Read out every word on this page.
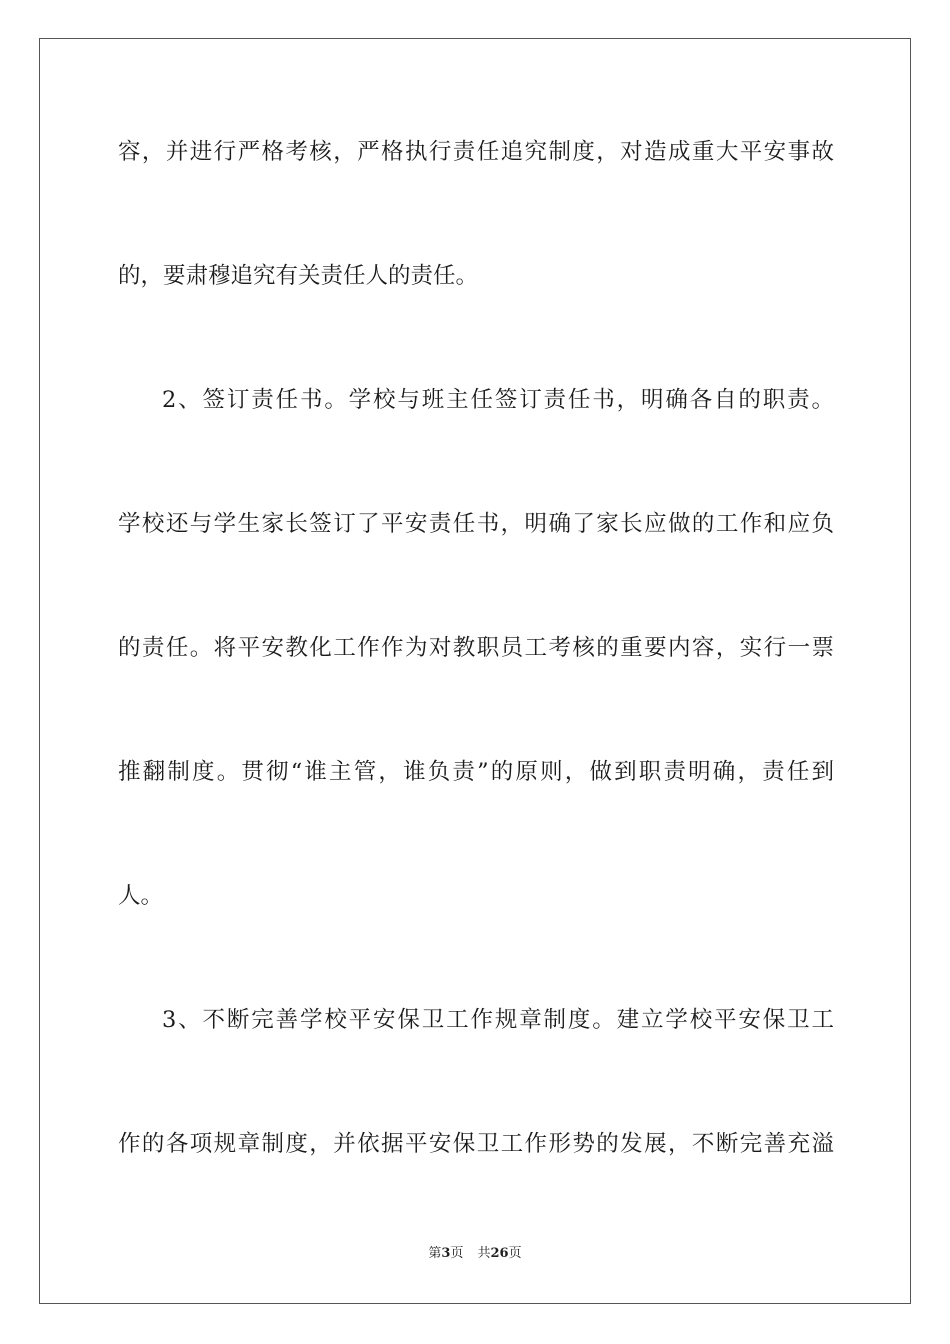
容，并进行严格考核，严格执行责任追究制度，对造成重大平安事故
的，要肃穆追究有关责任人的责任。
2、签订责任书。学校与班主任签订责任书，明确各自的职责。
学校还与学生家长签订了平安责任书，明确了家长应做的工作和应负
的责任。将平安教化工作作为对教职员工考核的重要内容，实行一票
推翻制度。贯彻“谁主管，谁负责”的原则，做到职责明确，责任到
人。
3、不断完善学校平安保卫工作规章制度。建立学校平安保卫工
作的各项规章制度，并依据平安保卫工作形势的发展，不断完善充溢
第3页 共26页
